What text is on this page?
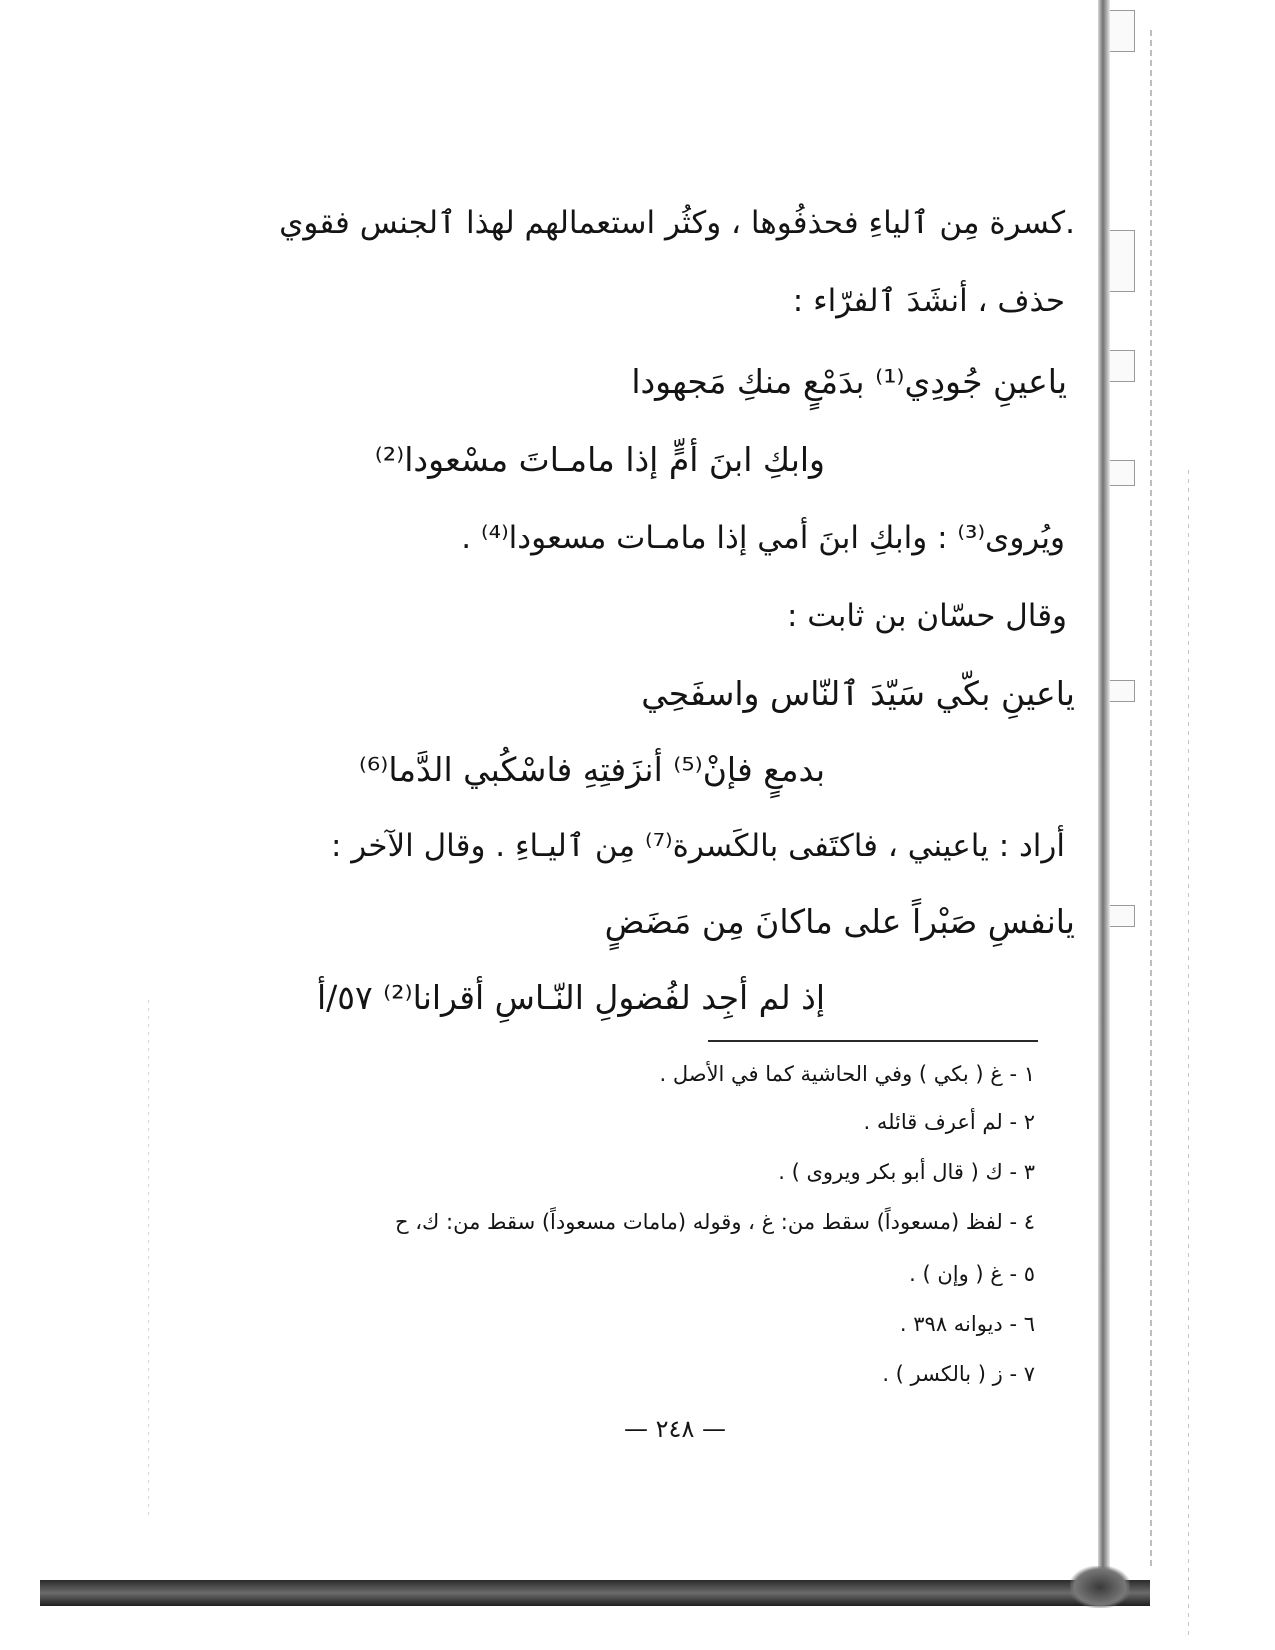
.كسرة مِن ٱلياءِ فحذفُوها ، وكثُر استعمالهم لهذا ٱلجنس فقوي
حذف ، أنشَدَ ٱلفرّاء :
ياعينِ جُودِي⁽¹⁾ بدَمْعٍ منكِ مَجهودا
وابكِ ابنَ أمٍّ إذا مامـاتَ مسْعودا⁽²⁾
ويُروى⁽³⁾ : وابكِ ابنَ أمي إذا مامـات مسعودا⁽⁴⁾ .
وقال حسّان بن ثابت :
ياعينِ بكّي سَيّدَ ٱلنّاس واسفَحِي
بدمعٍ فإنْ⁽⁵⁾ أنزَفتِهِ فاسْكُبي الدَّما⁽⁶⁾
أراد : ياعيني ، فاكتَفى بالكَسرة⁽⁷⁾ مِن ٱليـاءِ . وقال الآخر :
يانفسِ صَبْراً على ماكانَ مِن مَضَضٍ
إذ لم أجِد لفُضولِ النّـاسِ أقرانا⁽²⁾ ٥٧/أ
١ - غ ( بكي ) وفي الحاشية كما في الأصل .
٢ - لم أعرف قائله .
٣ - ك ( قال أبو بكر ويروى ) .
٤ - لفظ (مسعوداً) سقط من: غ ، وقوله (مامات مسعوداً) سقط من: ك، ح
٥ - غ ( وإن ) .
٦ - ديوانه ٣٩٨ .
٧ - ز ( بالكسر ) .
— ٢٤٨ —
